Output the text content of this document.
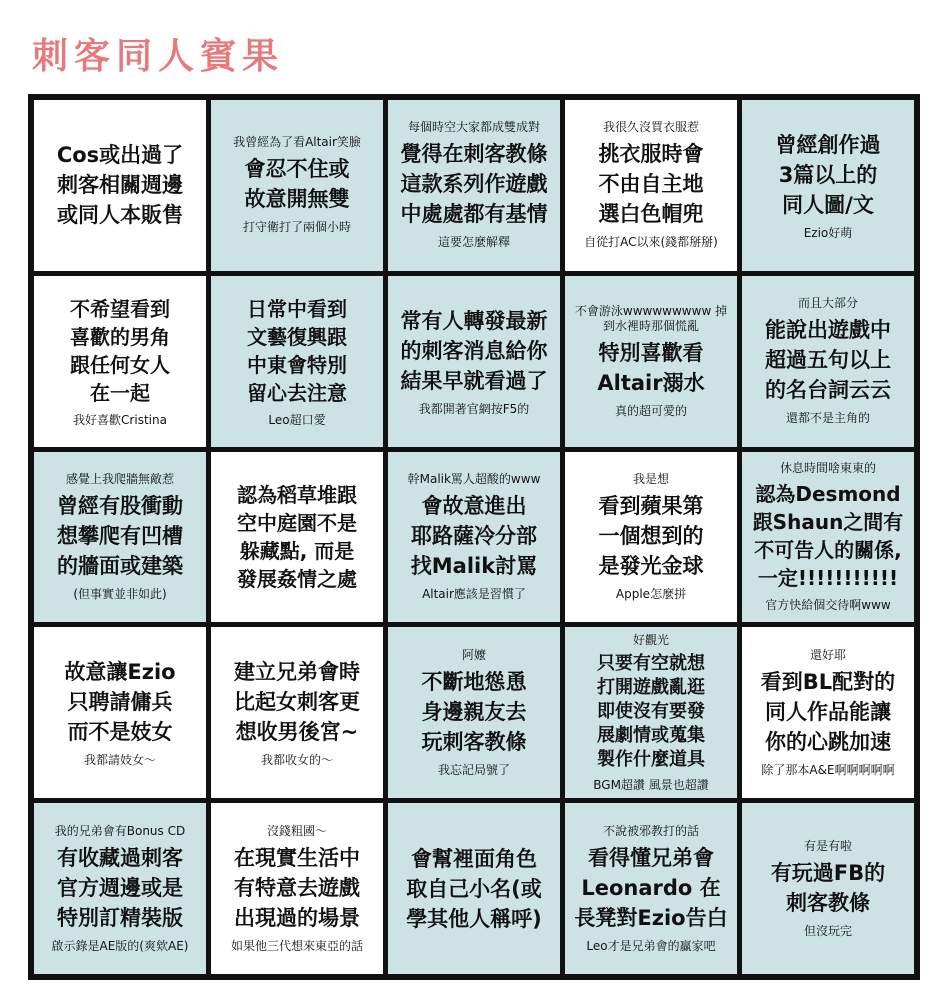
刺客同人賓果
Cos或出過了
刺客相關週邊
或同人本販售
我曾經為了看Altair笑臉
會忍不住或
故意開無雙
打守衛打了兩個小時
每個時空大家都成雙成對
覺得在刺客教條
這款系列作遊戲
中處處都有基情
這要怎麼解釋
我很久沒買衣服惹
挑衣服時會
不由自主地
選白色帽兜
自從打AC以來(錢都掰掰)
曾經創作過
3篇以上的
同人圖/文
Ezio好萌
不希望看到
喜歡的男角
跟任何女人
在一起
我好喜歡Cristina
日常中看到
文藝復興跟
中東會特別
留心去注意
Leo超口愛
常有人轉發最新
的刺客消息給你
結果早就看過了
我都開著官網按F5的
不會游泳wwwwwwwww 掉到水裡時那個慌亂
特別喜歡看
Altair溺水
真的超可愛的
而且大部分
能說出遊戲中
超過五句以上
的名台詞云云
還都不是主角的
感覺上我爬牆無敵惹
曾經有股衝動
想攀爬有凹槽
的牆面或建築
(但事實並非如此)
認為稻草堆跟
空中庭園不是
躲藏點, 而是
發展姦情之處
幹Malik罵人超酸的www
會故意進出
耶路薩冷分部
找Malik討罵
Altair應該是習慣了
我是想
看到蘋果第
一個想到的
是發光金球
Apple怎麼拼
休息時間啥東東的
認為Desmond
跟Shaun之間有
不可告人的關係,
一定!!!!!!!!!!!
官方快給個交待啊www
故意讓Ezio
只聘請傭兵
而不是妓女
我都請妓女～
建立兄弟會時
比起女刺客更
想收男後宮~
我都收女的～
阿嬤
不斷地慫恿
身邊親友去
玩刺客教條
我忘記局號了
好觀光
只要有空就想
打開遊戲亂逛
即使沒有要發
展劇情或蒐集
製作什麼道具
BGM超讚 風景也超讚
還好耶
看到BL配對的
同人作品能讓
你的心跳加速
除了那本A&E啊啊啊啊啊
我的兄弟會有Bonus CD
有收藏過刺客
官方週邊或是
特別訂精裝版
啟示錄是AE版的(爽欸AE)
沒錢粗國～
在現實生活中
有特意去遊戲
出現過的場景
如果他三代想來東亞的話
會幫裡面角色
取自己小名(或
學其他人稱呼)
不說被邪教打的話
看得懂兄弟會
Leonardo 在
長凳對Ezio告白
Leo才是兄弟會的贏家吧
有是有啦
有玩過FB的
刺客教條
但沒玩完
